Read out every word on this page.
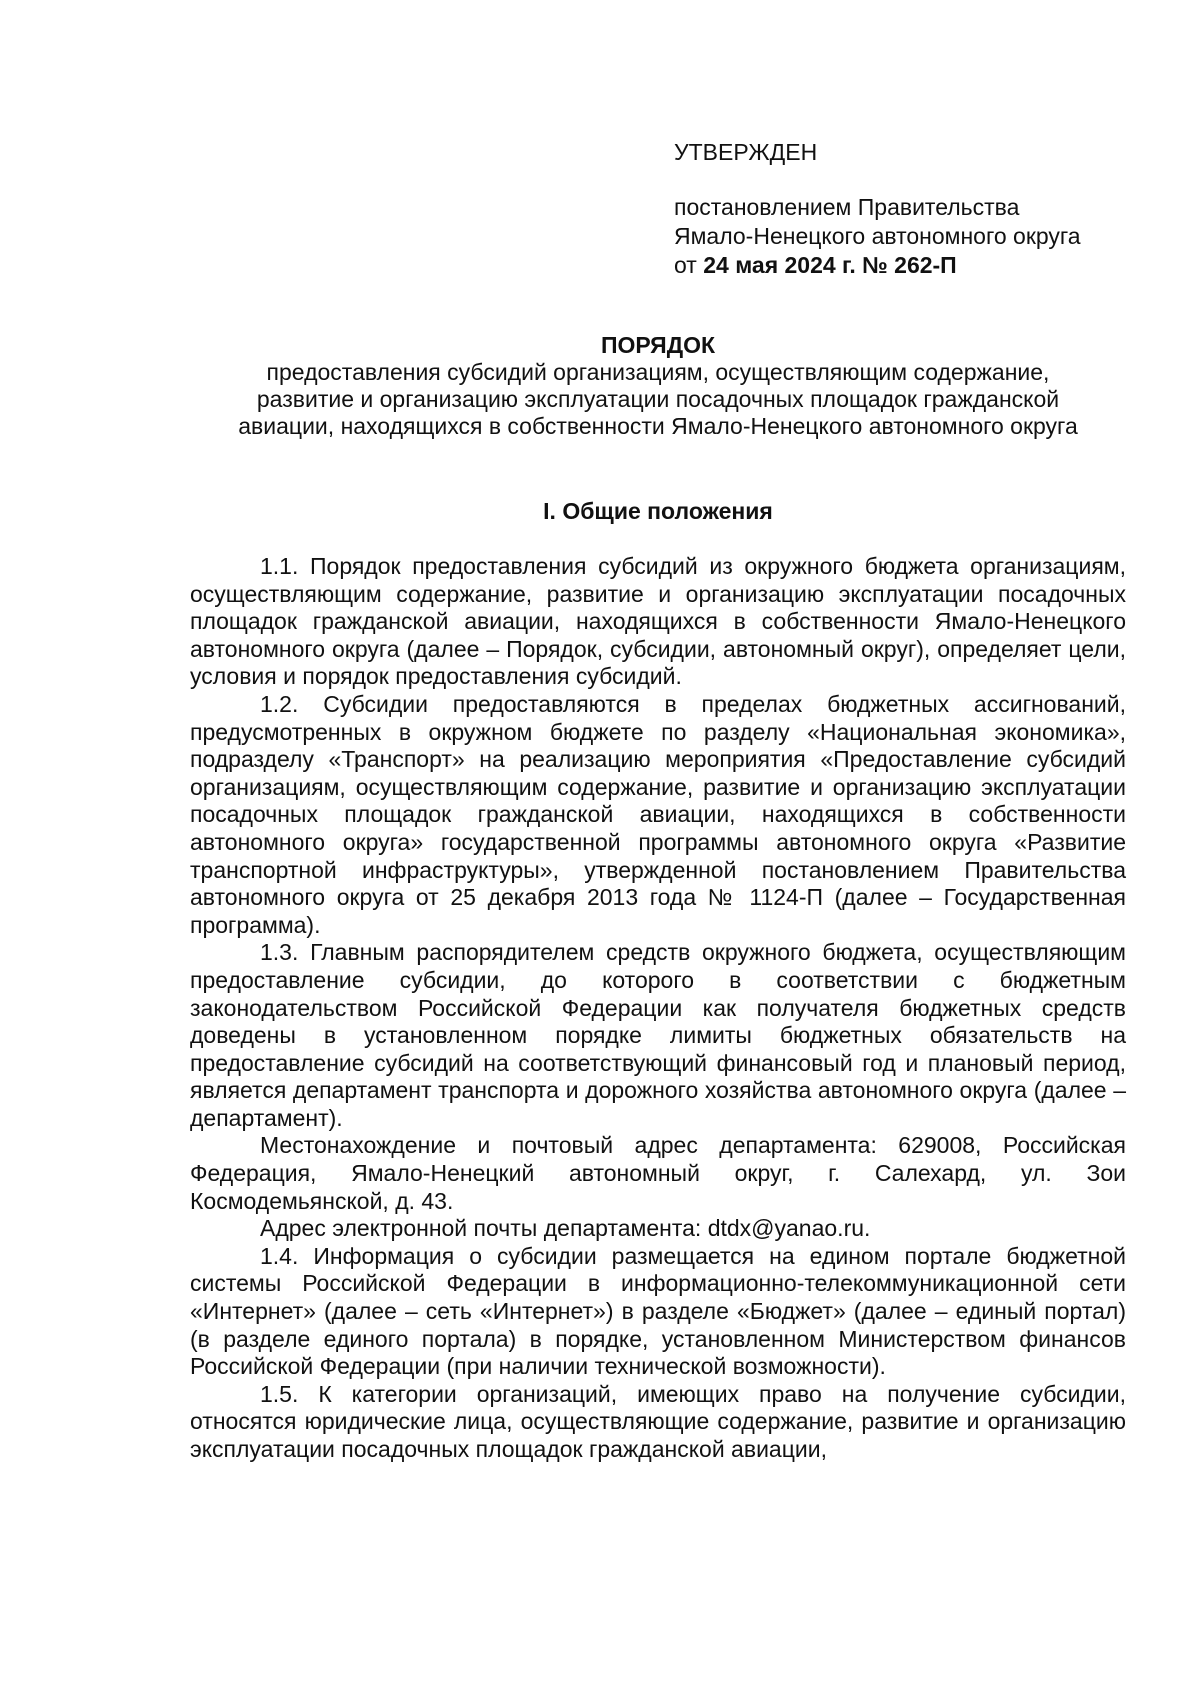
УТВЕРЖДЕН
постановлением Правительства
Ямало-Ненецкого автономного округа
от 24 мая 2024 г. № 262-П
ПОРЯДОК
предоставления субсидий организациям, осуществляющим содержание,
развитие и организацию эксплуатации посадочных площадок гражданской
авиации, находящихся в собственности Ямало-Ненецкого автономного округа
I. Общие положения

1.1. Порядок предоставления субсидий из окружного бюджета организациям, осуществляющим содержание, развитие и организацию эксплуатации посадочных площадок гражданской авиации, находящихся в собственности Ямало-Ненецкого автономного округа (далее – Порядок, субсидии, автономный округ), определяет цели, условия и порядок предоставления субсидий.

1.2. Субсидии предоставляются в пределах бюджетных ассигнований, предусмотренных в окружном бюджете по разделу «Национальная экономика», подразделу «Транспорт» на реализацию мероприятия «Предоставление субсидий организациям, осуществляющим содержание, развитие и организацию эксплуатации посадочных площадок гражданской авиации, находящихся в собственности автономного округа» государственной программы автономного округа «Развитие транспортной инфраструктуры», утвержденной постановлением Правительства автономного округа от 25 декабря 2013 года № 1124-П (далее – Государственная программа).

1.3. Главным распорядителем средств окружного бюджета, осуществляющим предоставление субсидии, до которого в соответствии с бюджетным законодательством Российской Федерации как получателя бюджетных средств доведены в установленном порядке лимиты бюджетных обязательств на предоставление субсидий на соответствующий финансовый год и плановый период, является департамент транспорта и дорожного хозяйства автономного округа (далее – департамент).

Местонахождение и почтовый адрес департамента: 629008, Российская Федерация, Ямало-Ненецкий автономный округ, г. Салехард, ул. Зои Космодемьянской, д. 43.

Адрес электронной почты департамента: dtdx@yanao.ru.

1.4. Информация о субсидии размещается на едином портале бюджетной системы Российской Федерации в информационно-телекоммуникационной сети «Интернет» (далее – сеть «Интернет») в разделе «Бюджет» (далее – единый портал) (в разделе единого портала) в порядке, установленном Министерством финансов Российской Федерации (при наличии технической возможности).

1.5. К категории организаций, имеющих право на получение субсидии, относятся юридические лица, осуществляющие содержание, развитие и организацию эксплуатации посадочных площадок гражданской авиации,
